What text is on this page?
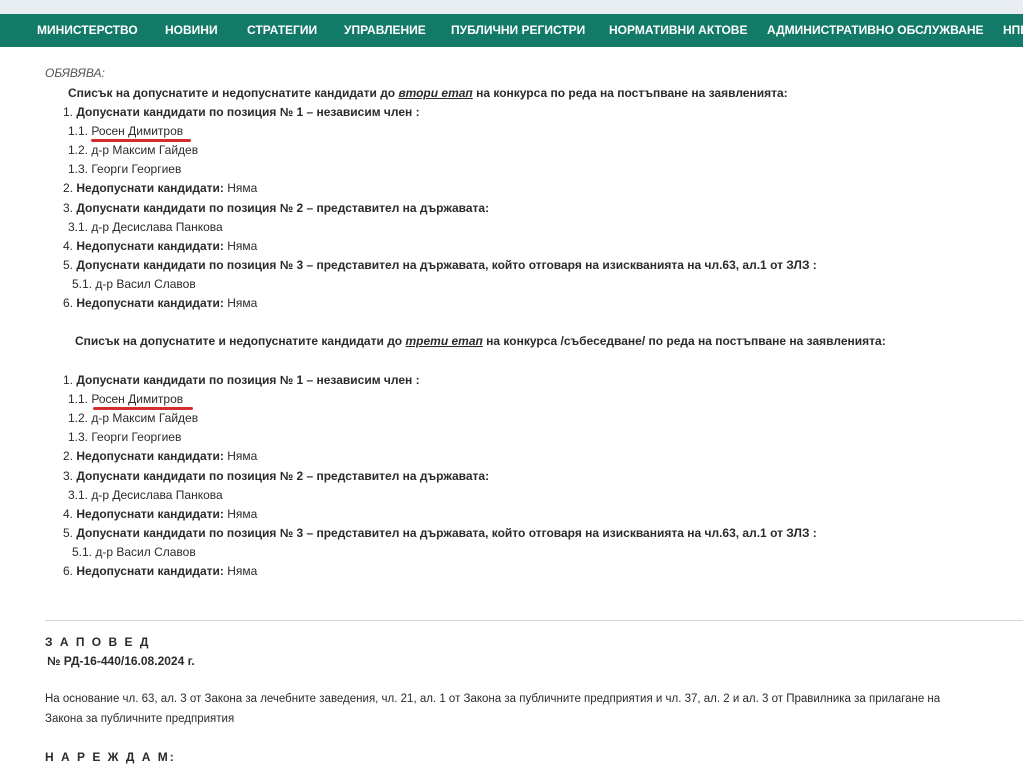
МИНИСТЕРСТВО НОВИНИ СТРАТЕГИИ УПРАВЛЕНИЕ ПУБЛИЧНИ РЕГИСТРИ НОРМАТИВНИ АКТОВЕ АДМИНИСТРАТИВНО ОБСЛУЖВАНЕ НПВ
ОБЯВЯВА:
Списък на допуснатите и недопуснатите кандидати до втори етап на конкурса по реда на постъпване на заявленията:
1. Допуснати кандидати по позиция № 1 – независим член :
1.1. Росен Димитров
1.2. д-р Максим Гайдев
1.3. Георги Георгиев
2. Недопуснати кандидати: Няма
3. Допуснати кандидати по позиция № 2 – представител на държавата:
3.1. д-р Десислава Панкова
4. Недопуснати кандидати: Няма
5. Допуснати кандидати по позиция № 3 – представител на държавата, който отговаря на изискванията на чл.63, ал.1 от ЗЛЗ :
5.1. д-р Васил Славов
6. Недопуснати кандидати: Няма
Списък на допуснатите и недопуснатите кандидати до трети етап на конкурса /събеседване/ по реда на постъпване на заявленията:
1. Допуснати кандидати по позиция № 1 – независим член :
1.1. Росен Димитров
1.2. д-р Максим Гайдев
1.3. Георги Георгиев
2. Недопуснати кандидати: Няма
3. Допуснати кандидати по позиция № 2 – представител на държавата:
3.1. д-р Десислава Панкова
4. Недопуснати кандидати: Няма
5. Допуснати кандидати по позиция № 3 – представител на държавата, който отговаря на изискванията на чл.63, ал.1 от ЗЛЗ :
5.1. д-р Васил Славов
6. Недопуснати кандидати: Няма
З А П О В Е Д
№ РД-16-440/16.08.2024 г.
На основание чл. 63, ал. 3 от Закона за лечебните заведения, чл. 21, ал. 1 от Закона за публичните предприятия и чл. 37, ал. 2 и ал. 3 от Правилника за прилагане на
Закона за публичните предприятия
Н А Р Е Ж Д А М:
